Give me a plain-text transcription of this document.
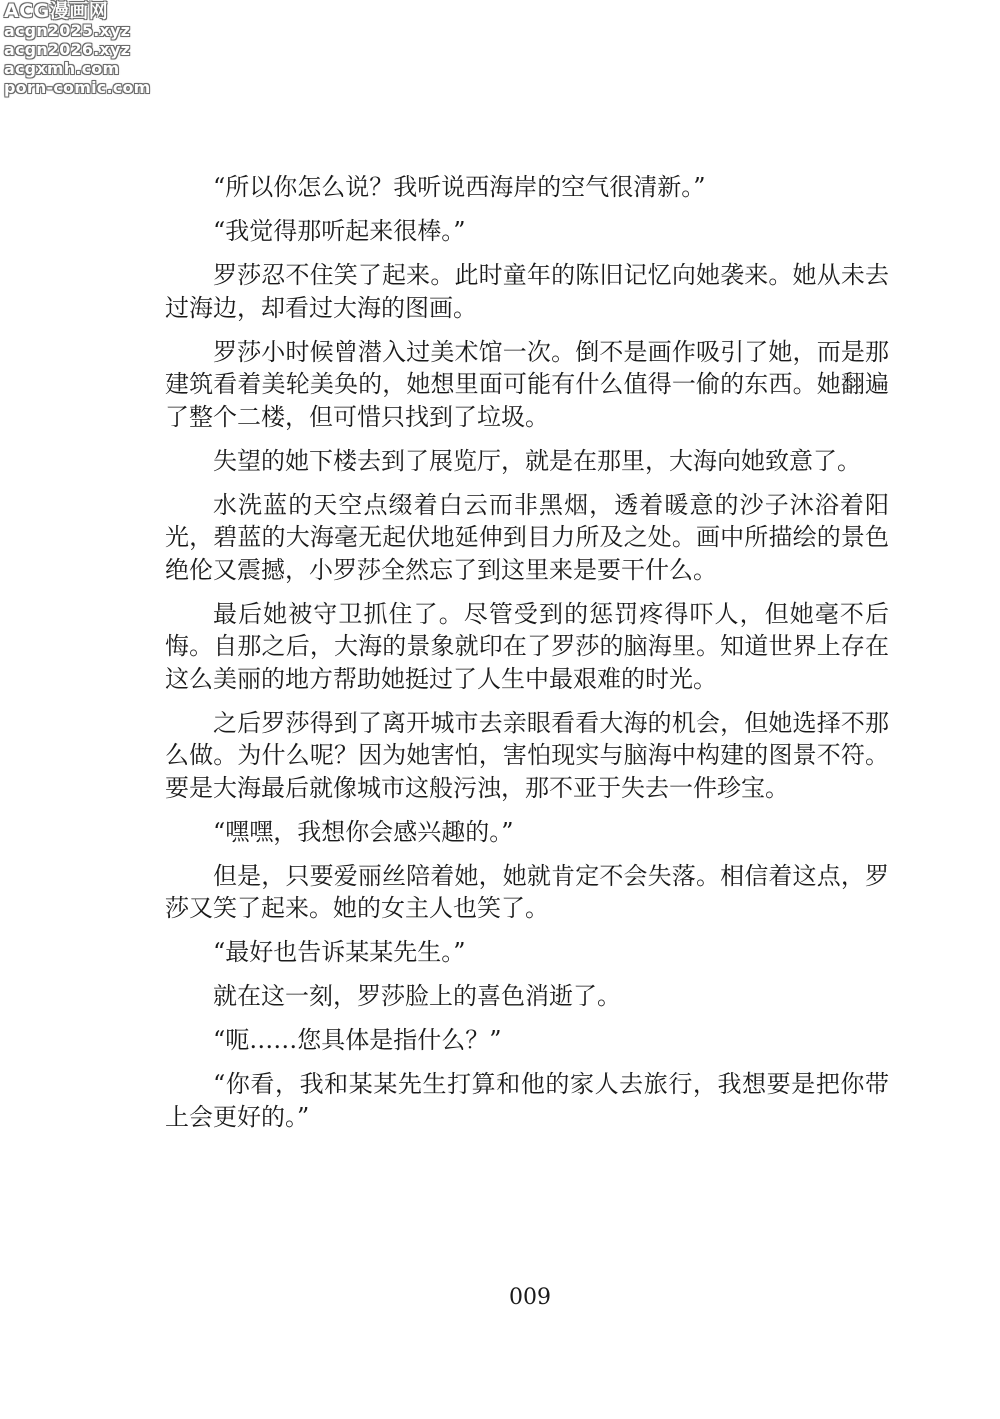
ACG漫画网
acgn2025.xyz
acgn2026.xyz
acgxmh.com
porn-comic.com

“所以你怎么说？我听说西海岸的空气很清新。”

“我觉得那听起来很棒。”

罗莎忍不住笑了起来。此时童年的陈旧记忆向她袭来。她从未去过海边，却看过大海的图画。

罗莎小时候曾潜入过美术馆一次。倒不是画作吸引了她，而是那建筑看着美轮美奂的，她想里面可能有什么值得一偷的东西。她翻遍了整个二楼，但可惜只找到了垃圾。

失望的她下楼去到了展览厅，就是在那里，大海向她致意了。

水洗蓝的天空点缀着白云而非黑烟，透着暖意的沙子沐浴着阳光，碧蓝的大海毫无起伏地延伸到目力所及之处。画中所描绘的景色绝伦又震撼，小罗莎全然忘了到这里来是要干什么。

最后她被守卫抓住了。尽管受到的惩罚疼得吓人，但她毫不后悔。自那之后，大海的景象就印在了罗莎的脑海里。知道世界上存在这么美丽的地方帮助她挺过了人生中最艰难的时光。

之后罗莎得到了离开城市去亲眼看看大海的机会，但她选择不那么做。为什么呢？因为她害怕，害怕现实与脑海中构建的图景不符。要是大海最后就像城市这般污浊，那不亚于失去一件珍宝。

“嘿嘿，我想你会感兴趣的。”

但是，只要爱丽丝陪着她，她就肯定不会失落。相信着这点，罗莎又笑了起来。她的女主人也笑了。

“最好也告诉某某先生。”

就在这一刻，罗莎脸上的喜色消逝了。

“呃……您具体是指什么？”

“你看，我和某某先生打算和他的家人去旅行，我想要是把你带上会更好的。”

009
